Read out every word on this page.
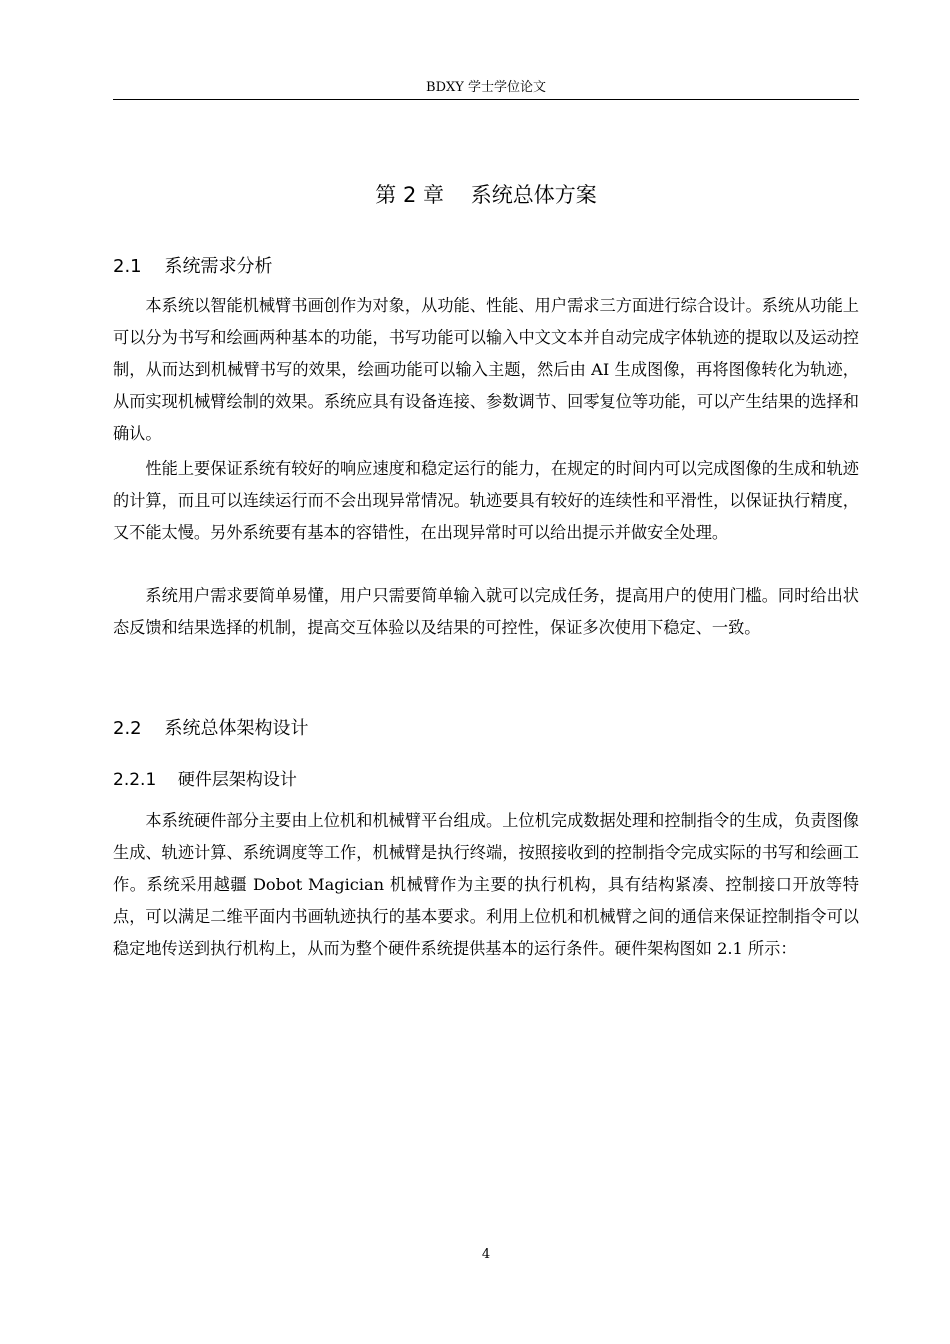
BDXY 学士学位论文
第 2 章    系统总体方案
2.1    系统需求分析

本系统以智能机械臂书画创作为对象，从功能、性能、用户需求三方面进行综合设计。系统从功能上可以分为书写和绘画两种基本的功能，书写功能可以输入中文文本并自动完成字体轨迹的提取以及运动控制，从而达到机械臂书写的效果，绘画功能可以输入主题，然后由 AI 生成图像，再将图像转化为轨迹，从而实现机械臂绘制的效果。系统应具有设备连接、参数调节、回零复位等功能，可以产生结果的选择和确认。

性能上要保证系统有较好的响应速度和稳定运行的能力，在规定的时间内可以完成图像的生成和轨迹的计算，而且可以连续运行而不会出现异常情况。轨迹要具有较好的连续性和平滑性，以保证执行精度，又不能太慢。另外系统要有基本的容错性，在出现异常时可以给出提示并做安全处理。

系统用户需求要简单易懂，用户只需要简单输入就可以完成任务，提高用户的使用门槛。同时给出状态反馈和结果选择的机制，提高交互体验以及结果的可控性，保证多次使用下稳定、一致。

2.2    系统总体架构设计
2.2.1    硬件层架构设计

本系统硬件部分主要由上位机和机械臂平台组成。上位机完成数据处理和控制指令的生成，负责图像生成、轨迹计算、系统调度等工作，机械臂是执行终端，按照接收到的控制指令完成实际的书写和绘画工作。系统采用越疆 Dobot Magician 机械臂作为主要的执行机构，具有结构紧凑、控制接口开放等特点，可以满足二维平面内书画轨迹执行的基本要求。利用上位机和机械臂之间的通信来保证控制指令可以稳定地传送到执行机构上，从而为整个硬件系统提供基本的运行条件。硬件架构图如 2.1 所示：

4
